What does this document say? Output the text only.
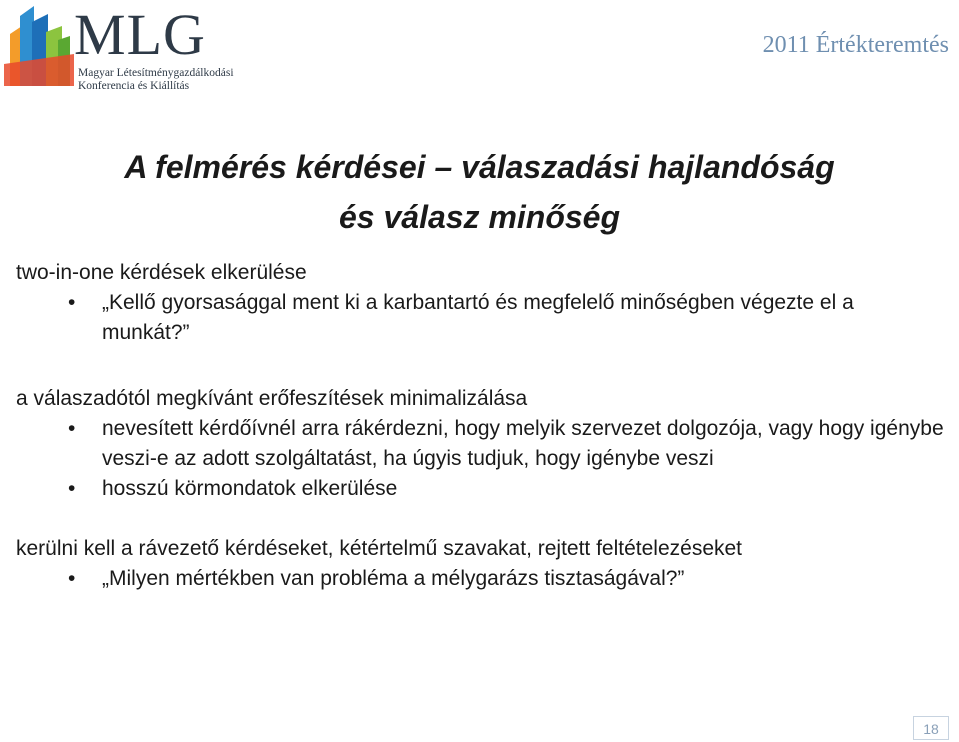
MLG
Magyar Létesítménygazdálkodási
Konferencia és Kiállítás
2011 Értékteremtés
A felmérés kérdései – válaszadási hajlandóság
és válasz minőség

two-in-one kérdések elkerülése

• „Kellő gyorsasággal ment ki a karbantartó és megfelelő minőségben végezte el a munkát?”

a válaszadótól megkívánt erőfeszítések minimalizálása

• nevesített kérdőívnél arra rákérdezni, hogy melyik szervezet dolgozója, vagy hogy igénybe veszi-e az adott szolgáltatást, ha úgyis tudjuk, hogy igénybe veszi
• hosszú körmondatok elkerülése

kerülni kell a rávezető kérdéseket, kétértelmű szavakat, rejtett feltételezéseket

• „Milyen mértékben van probléma a mélygarázs tisztaságával?”
18
